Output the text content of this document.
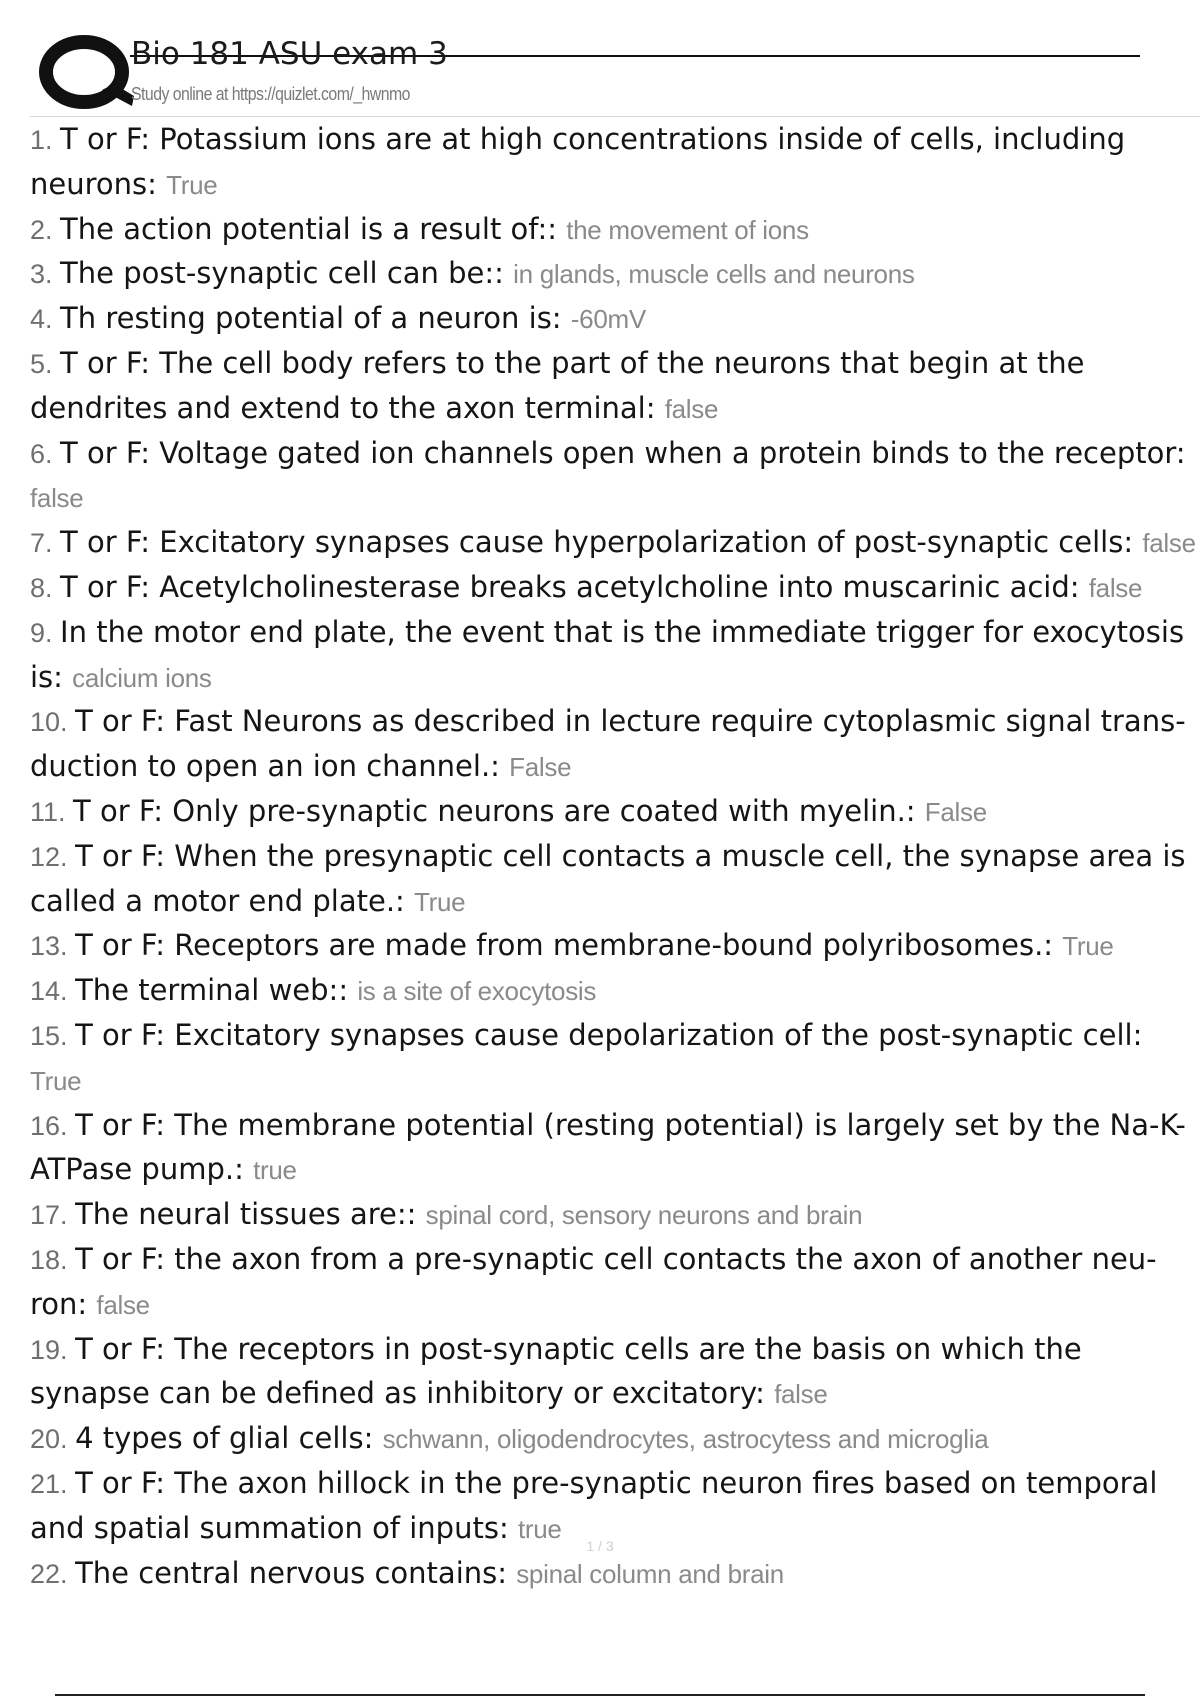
Bio 181 ASU exam 3
Study online at https://quizlet.com/_hwnmo
1. T or F: Potassium ions are at high concentrations inside of cells, including neurons: True
2. The action potential is a result of:: the movement of ions
3. The post-synaptic cell can be:: in glands, muscle cells and neurons
4. Th resting potential of a neuron is: -60mV
5. T or F: The cell body refers to the part of the neurons that begin at the dendrites and extend to the axon terminal: false
6. T or F: Voltage gated ion channels open when a protein binds to the receptor: false
7. T or F: Excitatory synapses cause hyperpolarization of post-synaptic cells: false
8. T or F: Acetylcholinesterase breaks acetylcholine into muscarinic acid: false
9. In the motor end plate, the event that is the immediate trigger for exocytosis is: calcium ions
10. T or F: Fast Neurons as described in lecture require cytoplasmic signal transduction to open an ion channel.: False
11. T or F: Only pre-synaptic neurons are coated with myelin.: False
12. T or F: When the presynaptic cell contacts a muscle cell, the synapse area is called a motor end plate.: True
13. T or F: Receptors are made from membrane-bound polyribosomes.: True
14. The terminal web:: is a site of exocytosis
15. T or F: Excitatory synapses cause depolarization of the post-synaptic cell: True
16. T or F: The membrane potential (resting potential) is largely set by the Na-K-ATPase pump.: true
17. The neural tissues are:: spinal cord, sensory neurons and brain
18. T or F: the axon from a pre-synaptic cell contacts the axon of another neuron: false
19. T or F: The receptors in post-synaptic cells are the basis on which the synapse can be defined as inhibitory or excitatory: false
20. 4 types of glial cells: schwann, oligodendrocytes, astrocytess and microglia
21. T or F: The axon hillock in the pre-synaptic neuron fires based on temporal and spatial summation of inputs: true
22. The central nervous contains: spinal column and brain
1 / 3
